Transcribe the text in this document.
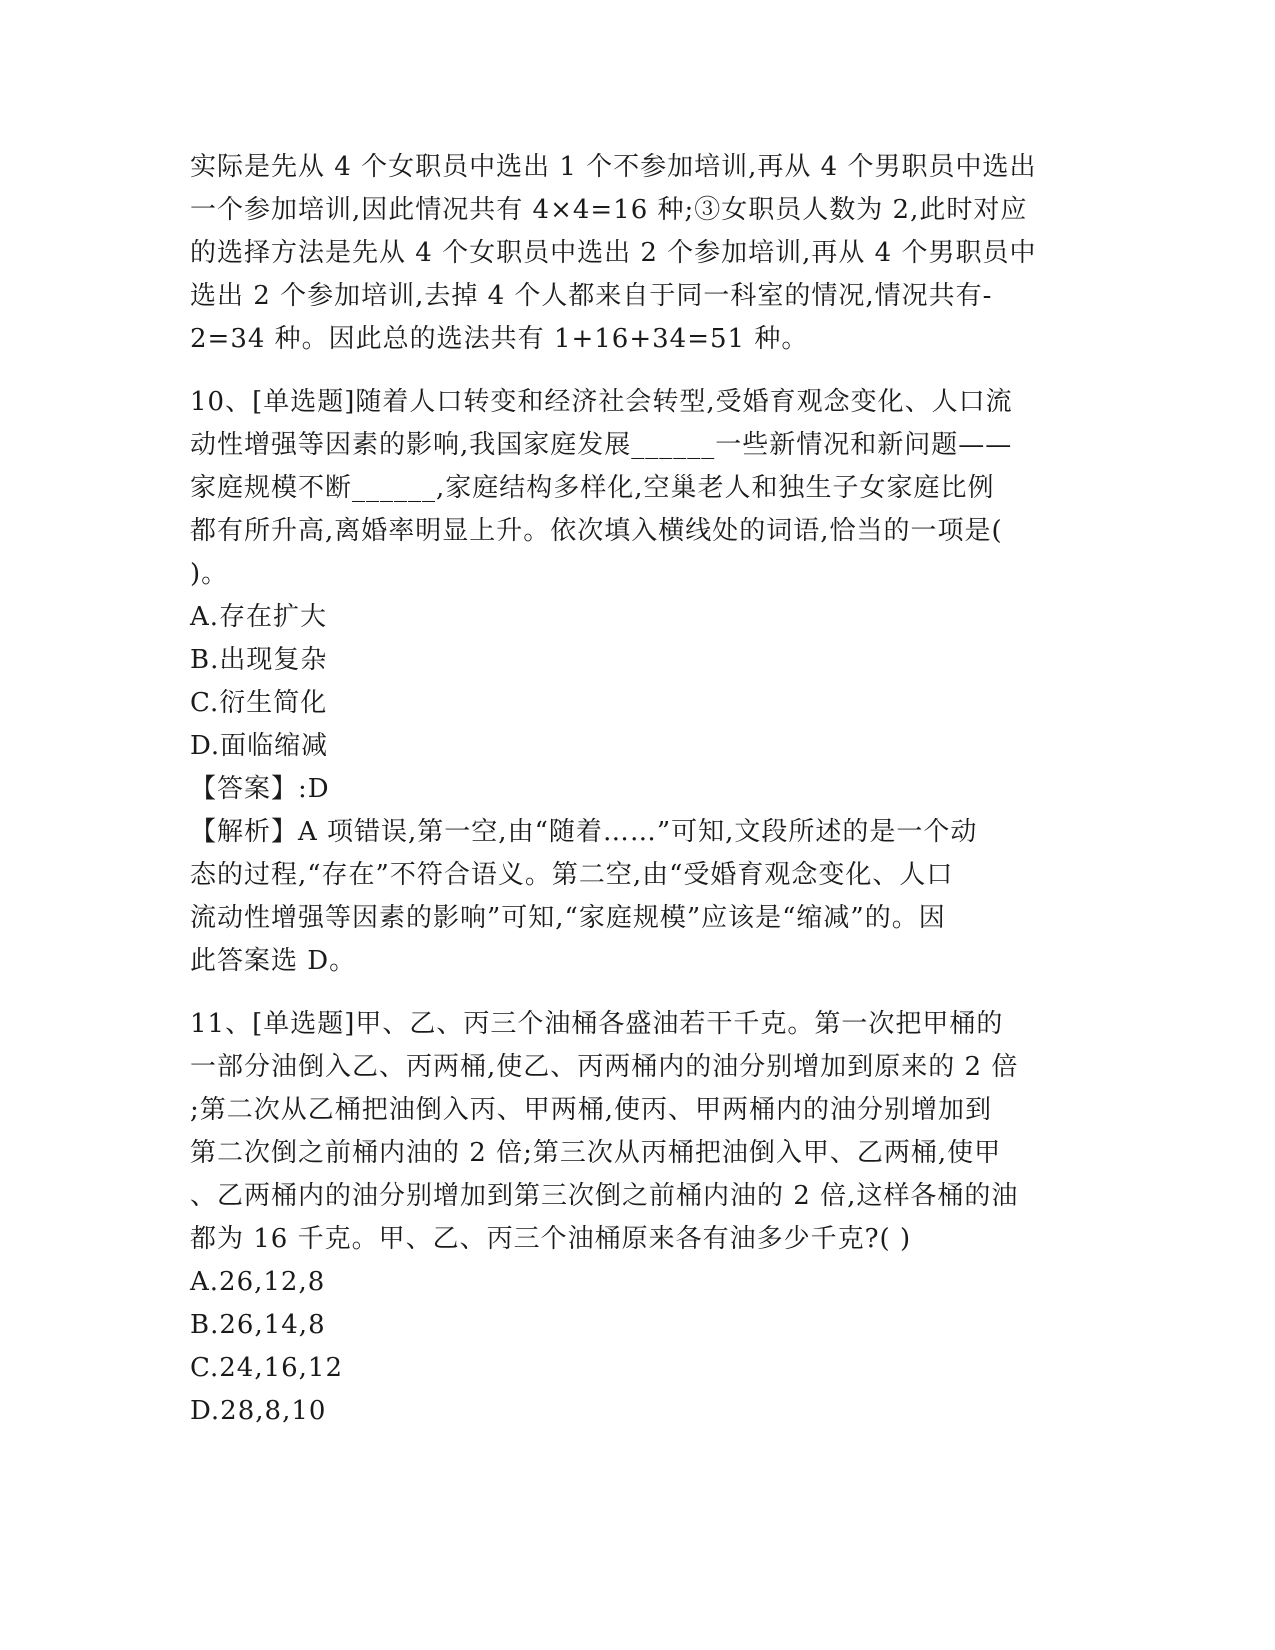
实际是先从 4 个女职员中选出 1 个不参加培训,再从 4 个男职员中选出
一个参加培训,因此情况共有 4×4=16 种;③女职员人数为 2,此时对应
的选择方法是先从 4 个女职员中选出 2 个参加培训,再从 4 个男职员中
选出 2 个参加培训,去掉 4 个人都来自于同一科室的情况,情况共有-
2=34 种。因此总的选法共有 1+16+34=51 种。
10、[单选题]随着人口转变和经济社会转型,受婚育观念变化、人口流
动性增强等因素的影响,我国家庭发展______一些新情况和新问题——
家庭规模不断______,家庭结构多样化,空巢老人和独生子女家庭比例
都有所升高,离婚率明显上升。依次填入横线处的词语,恰当的一项是(
)。
A.存在扩大
B.出现复杂
C.衍生简化
D.面临缩减
【答案】:D
【解析】A 项错误,第一空,由“随着……”可知,文段所述的是一个动
态的过程,“存在”不符合语义。第二空,由“受婚育观念变化、人口
流动性增强等因素的影响”可知,“家庭规模”应该是“缩减”的。因
此答案选 D。
11、[单选题]甲、乙、丙三个油桶各盛油若干千克。第一次把甲桶的
一部分油倒入乙、丙两桶,使乙、丙两桶内的油分别增加到原来的 2 倍
;第二次从乙桶把油倒入丙、甲两桶,使丙、甲两桶内的油分别增加到
第二次倒之前桶内油的 2 倍;第三次从丙桶把油倒入甲、乙两桶,使甲
、乙两桶内的油分别增加到第三次倒之前桶内油的 2 倍,这样各桶的油
都为 16 千克。甲、乙、丙三个油桶原来各有油多少千克?( )
A.26,12,8
B.26,14,8
C.24,16,12
D.28,8,10
